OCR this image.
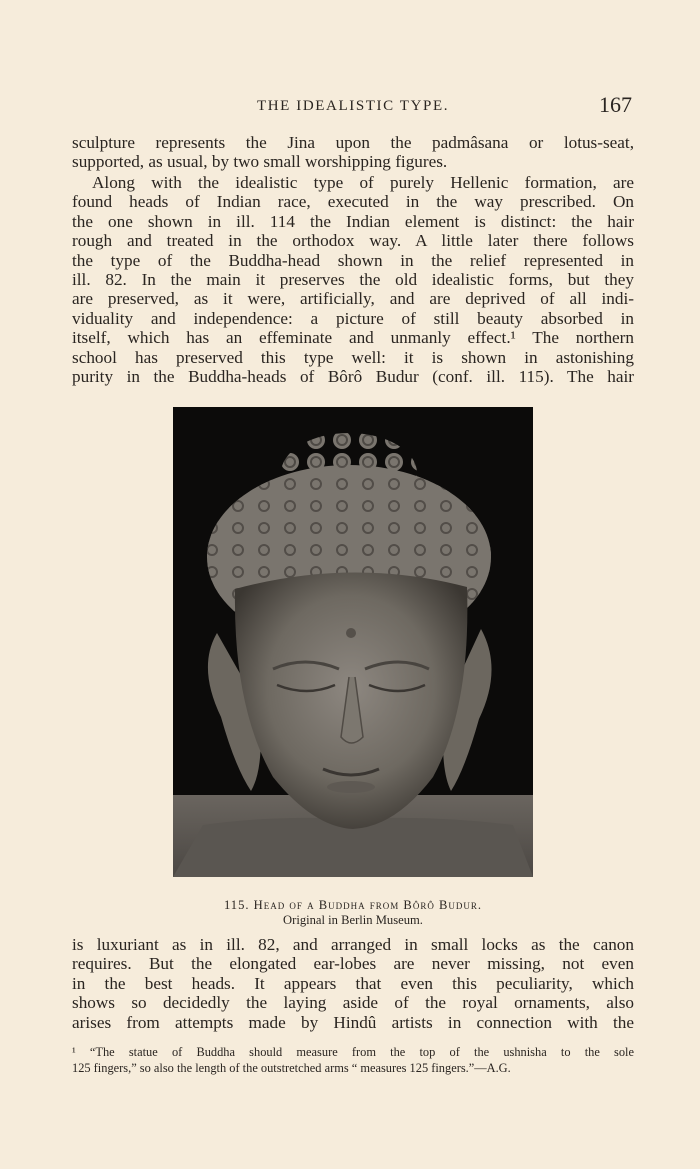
THE IDEALISTIC TYPE.	167
sculpture represents the Jina upon the padmâsana or lotus-seat,
supported, as usual, by two small worshipping figures.
Along with the idealistic type of purely Hellenic formation, are
found heads of Indian race, executed in the way prescribed. On
the one shown in ill. 114 the Indian element is distinct: the hair
rough and treated in the orthodox way. A little later there follows
the type of the Buddha-head shown in the relief represented in
ill. 82. In the main it preserves the old idealistic forms, but they
are preserved, as it were, artificially, and are deprived of all indi-
viduality and independence: a picture of still beauty absorbed in
itself, which has an effeminate and unmanly effect.¹ The northern
school has preserved this type well: it is shown in astonishing
purity in the Buddha-heads of Bôrô Budur (conf. ill. 115). The hair
115. Head of a Buddha from Bôrô Budur.
Original in Berlin Museum.
is luxuriant as in ill. 82, and arranged in small locks as the canon
requires. But the elongated ear-lobes are never missing, not even
in the best heads. It appears that even this peculiarity, which
shows so decidedly the laying aside of the royal ornaments, also
arises from attempts made by Hindû artists in connection with the
¹ “The statue of Buddha should measure from the top of the ushnisha to the sole
125 fingers,” so also the length of the outstretched arms “ measures 125 fingers.”—A.G.
